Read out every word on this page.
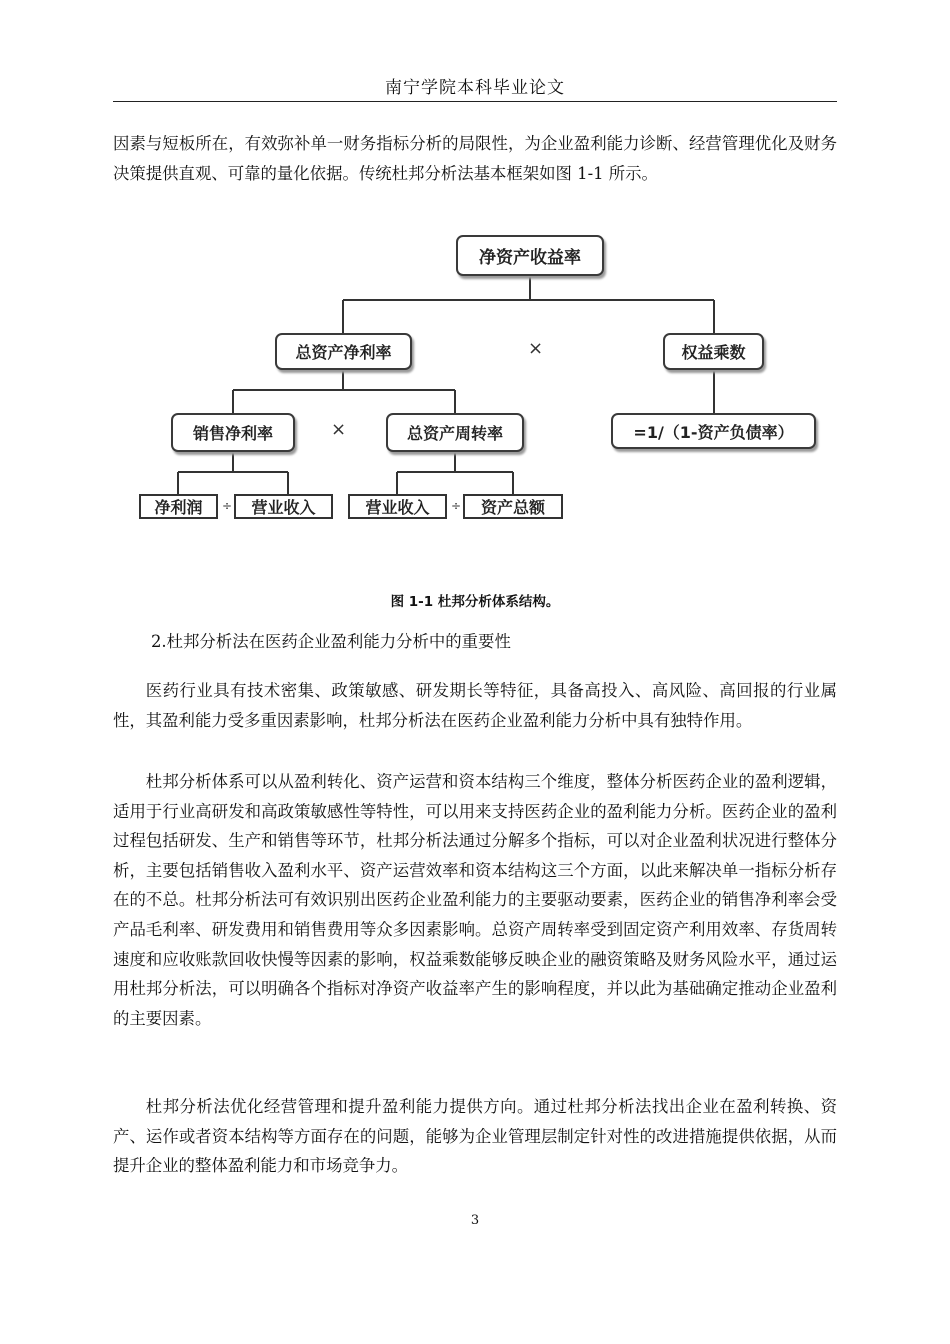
南宁学院本科毕业论文

因素与短板所在，有效弥补单一财务指标分析的局限性，为企业盈利能力诊断、经营管理优化及财务决策提供直观、可靠的量化依据。传统杜邦分析法基本框架如图 1-1 所示。

净资产收益率
总资产净利率	权益乘数
=1/（1-资产负债率）
销售净利率	总资产周转率
净利润	营业收入	营业收入	资产总额
×
×
÷	÷
图 1-1 杜邦分析体系结构。

2.杜邦分析法在医药企业盈利能力分析中的重要性

医药行业具有技术密集、政策敏感、研发期长等特征，具备高投入、高风险、高回报的行业属性，其盈利能力受多重因素影响，杜邦分析法在医药企业盈利能力分析中具有独特作用。

杜邦分析体系可以从盈利转化、资产运营和资本结构三个维度，整体分析医药企业的盈利逻辑，适用于行业高研发和高政策敏感性等特性，可以用来支持医药企业的盈利能力分析。医药企业的盈利过程包括研发、生产和销售等环节，杜邦分析法通过分解多个指标，可以对企业盈利状况进行整体分析，主要包括销售收入盈利水平、资产运营效率和资本结构这三个方面，以此来解决单一指标分析存在的不总。杜邦分析法可有效识别出医药企业盈利能力的主要驱动要素，医药企业的销售净利率会受产品毛利率、研发费用和销售费用等众多因素影响。总资产周转率受到固定资产利用效率、存货周转速度和应收账款回收快慢等因素的影响，权益乘数能够反映企业的融资策略及财务风险水平，通过运用杜邦分析法，可以明确各个指标对净资产收益率产生的影响程度，并以此为基础确定推动企业盈利的主要因素。

杜邦分析法优化经营管理和提升盈利能力提供方向。通过杜邦分析法找出企业在盈利转换、资产、运作或者资本结构等方面存在的问题，能够为企业管理层制定针对性的改进措施提供依据，从而提升企业的整体盈利能力和市场竞争力。

3
